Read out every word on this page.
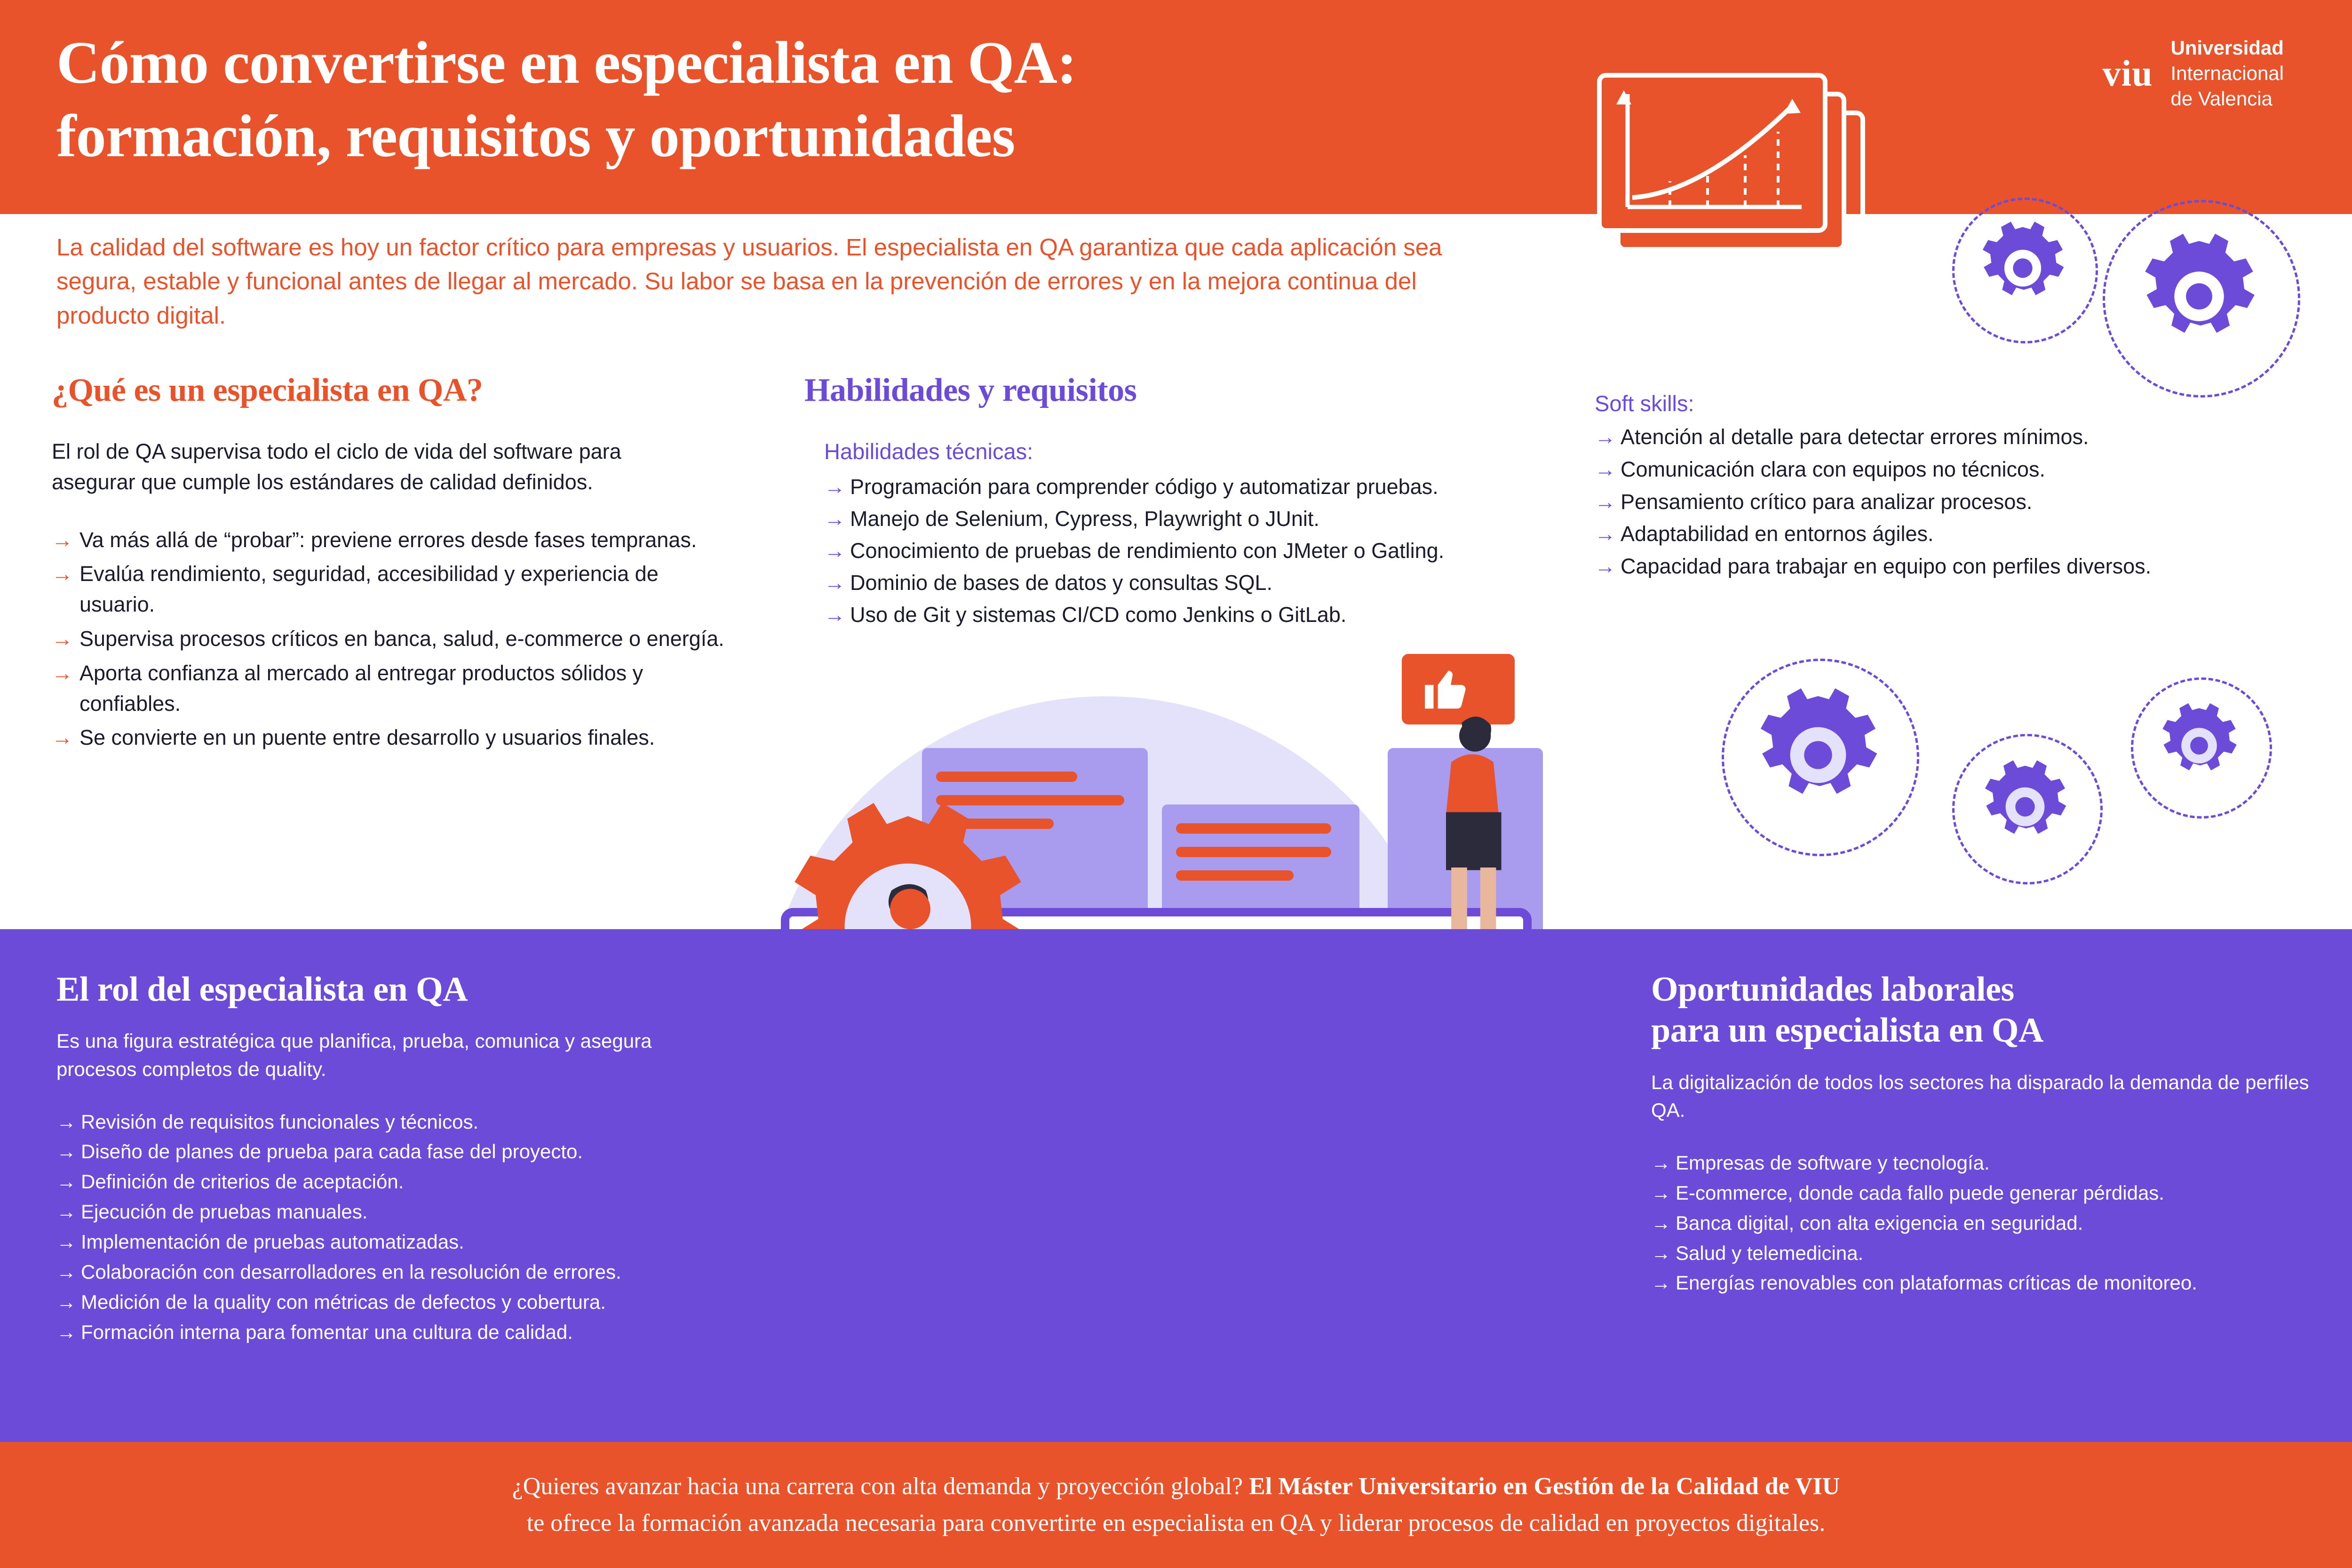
Cómo convertirse en especialista en QA:
formación, requisitos y oportunidades
viu
Universidad
Internacional
de Valencia
La calidad del software es hoy un factor crítico para empresas y usuarios. El especialista en QA garantiza que cada aplicación sea segura, estable y funcional antes de llegar al mercado. Su labor se basa en la prevención de errores y en la mejora continua del producto digital.
¿Qué es un especialista en QA?
El rol de QA supervisa todo el ciclo de vida del software para asegurar que cumple los estándares de calidad definidos.
→ Va más allá de “probar”: previene errores desde fases tempranas.
→ Evalúa rendimiento, seguridad, accesibilidad y experiencia de usuario.
→ Supervisa procesos críticos en banca, salud, e-commerce o energía.
→ Aporta confianza al mercado al entregar productos sólidos y confiables.
→ Se convierte en un puente entre desarrollo y usuarios finales.
Habilidades y requisitos
Habilidades técnicas:
→ Programación para comprender código y automatizar pruebas.
→ Manejo de Selenium, Cypress, Playwright o JUnit.
→ Conocimiento de pruebas de rendimiento con JMeter o Gatling.
→ Dominio de bases de datos y consultas SQL.
→ Uso de Git y sistemas CI/CD como Jenkins o GitLab.
Soft skills:
→ Atención al detalle para detectar errores mínimos.
→ Comunicación clara con equipos no técnicos.
→ Pensamiento crítico para analizar procesos.
→ Adaptabilidad en entornos ágiles.
→ Capacidad para trabajar en equipo con perfiles diversos.
El rol del especialista en QA
Es una figura estratégica que planifica, prueba, comunica y asegura procesos completos de quality.
→ Revisión de requisitos funcionales y técnicos.
→ Diseño de planes de prueba para cada fase del proyecto.
→ Definición de criterios de aceptación.
→ Ejecución de pruebas manuales.
→ Implementación de pruebas automatizadas.
→ Colaboración con desarrolladores en la resolución de errores.
→ Medición de la quality con métricas de defectos y cobertura.
→ Formación interna para fomentar una cultura de calidad.
Oportunidades laborales
para un especialista en QA
La digitalización de todos los sectores ha disparado la demanda de perfiles QA.
→ Empresas de software y tecnología.
→ E-commerce, donde cada fallo puede generar pérdidas.
→ Banca digital, con alta exigencia en seguridad.
→ Salud y telemedicina.
→ Energías renovables con plataformas críticas de monitoreo.
¿Quieres avanzar hacia una carrera con alta demanda y proyección global? El Máster Universitario en Gestión de la Calidad de VIU
te ofrece la formación avanzada necesaria para convertirte en especialista en QA y liderar procesos de calidad en proyectos digitales.
